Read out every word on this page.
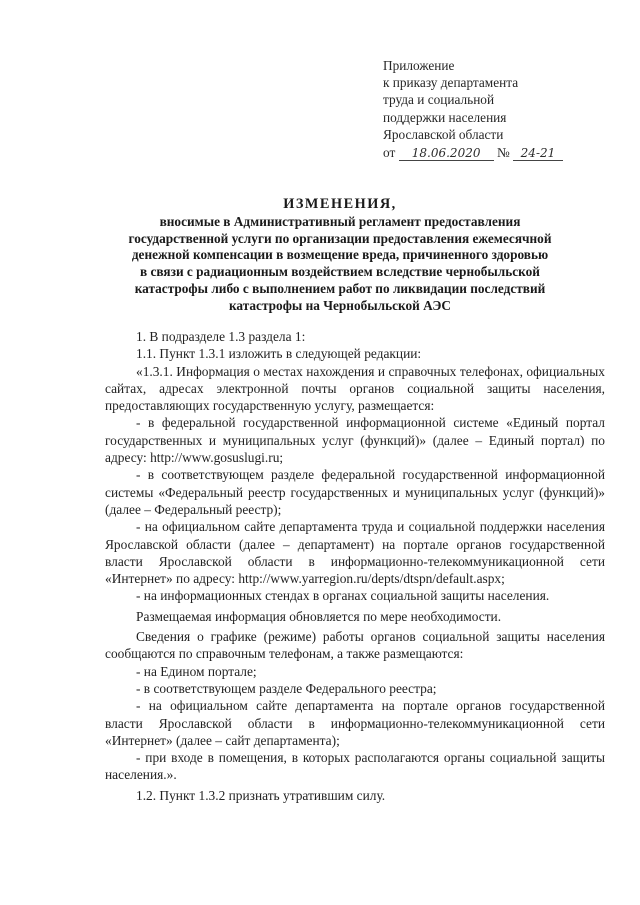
Приложение
к приказу департамента
труда и социальной
поддержки населения
Ярославской области
от 18.06.2020 № 24-21
ИЗМЕНЕНИЯ,
вносимые в Административный регламент предоставления
государственной услуги по организации предоставления ежемесячной
денежной компенсации в возмещение вреда, причиненного здоровью
в связи с радиационным воздействием вследствие чернобыльской
катастрофы либо с выполнением работ по ликвидации последствий
катастрофы на Чернобыльской АЭС

1. В подразделе 1.3 раздела 1:

1.1. Пункт 1.3.1 изложить в следующей редакции:

«1.3.1. Информация о местах нахождения и справочных телефонах, официальных сайтах, адресах электронной почты органов социальной защиты населения, предоставляющих государственную услугу, размещается:

- в федеральной государственной информационной системе «Единый портал государственных и муниципальных услуг (функций)» (далее – Единый портал) по адресу: http://www.gosuslugi.ru;

- в соответствующем разделе федеральной государственной информационной системы «Федеральный реестр государственных и муниципальных услуг (функций)» (далее – Федеральный реестр);

- на официальном сайте департамента труда и социальной поддержки населения Ярославской области (далее – департамент) на портале органов государственной власти Ярославской области в информационно-телекоммуникационной сети «Интернет» по адресу: http://www.yarregion.ru/depts/dtspn/default.aspx;

- на информационных стендах в органах социальной защиты населения.

Размещаемая информация обновляется по мере необходимости.

Сведения о графике (режиме) работы органов социальной защиты населения сообщаются по справочным телефонам, а также размещаются:

- на Едином портале;

- в соответствующем разделе Федерального реестра;

- на официальном сайте департамента на портале органов государственной власти Ярославской области в информационно-телекоммуникационной сети «Интернет» (далее – сайт департамента);

- при входе в помещения, в которых располагаются органы социальной защиты населения.».

1.2. Пункт 1.3.2 признать утратившим силу.
